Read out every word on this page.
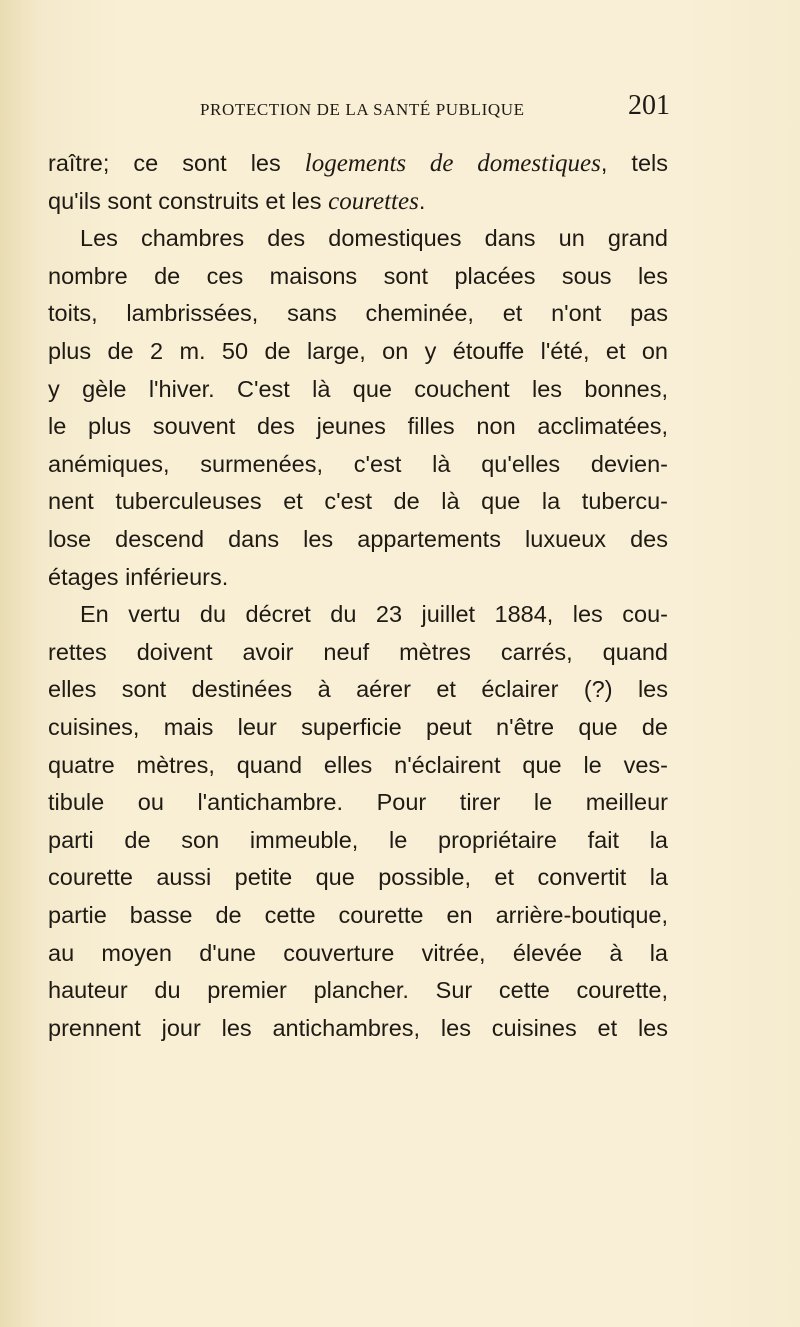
PROTECTION DE LA SANTÉ PUBLIQUE	201
raître; ce sont les logements de domestiques, tels
qu'ils sont construits et les courettes.
Les chambres des domestiques dans un grand
nombre de ces maisons sont placées sous les
toits, lambrissées, sans cheminée, et n'ont pas
plus de 2 m. 50 de large, on y étouffe l'été, et on
y gèle l'hiver. C'est là que couchent les bonnes,
le plus souvent des jeunes filles non acclimatées,
anémiques, surmenées, c'est là qu'elles devien-
nent tuberculeuses et c'est de là que la tubercu-
lose descend dans les appartements luxueux des
étages inférieurs.
En vertu du décret du 23 juillet 1884, les cou-
rettes doivent avoir neuf mètres carrés, quand
elles sont destinées à aérer et éclairer (?) les
cuisines, mais leur superficie peut n'être que de
quatre mètres, quand elles n'éclairent que le ves-
tibule ou l'antichambre. Pour tirer le meilleur
parti de son immeuble, le propriétaire fait la
courette aussi petite que possible, et convertit la
partie basse de cette courette en arrière-boutique,
au moyen d'une couverture vitrée, élevée à la
hauteur du premier plancher. Sur cette courette,
prennent jour les antichambres, les cuisines et les
